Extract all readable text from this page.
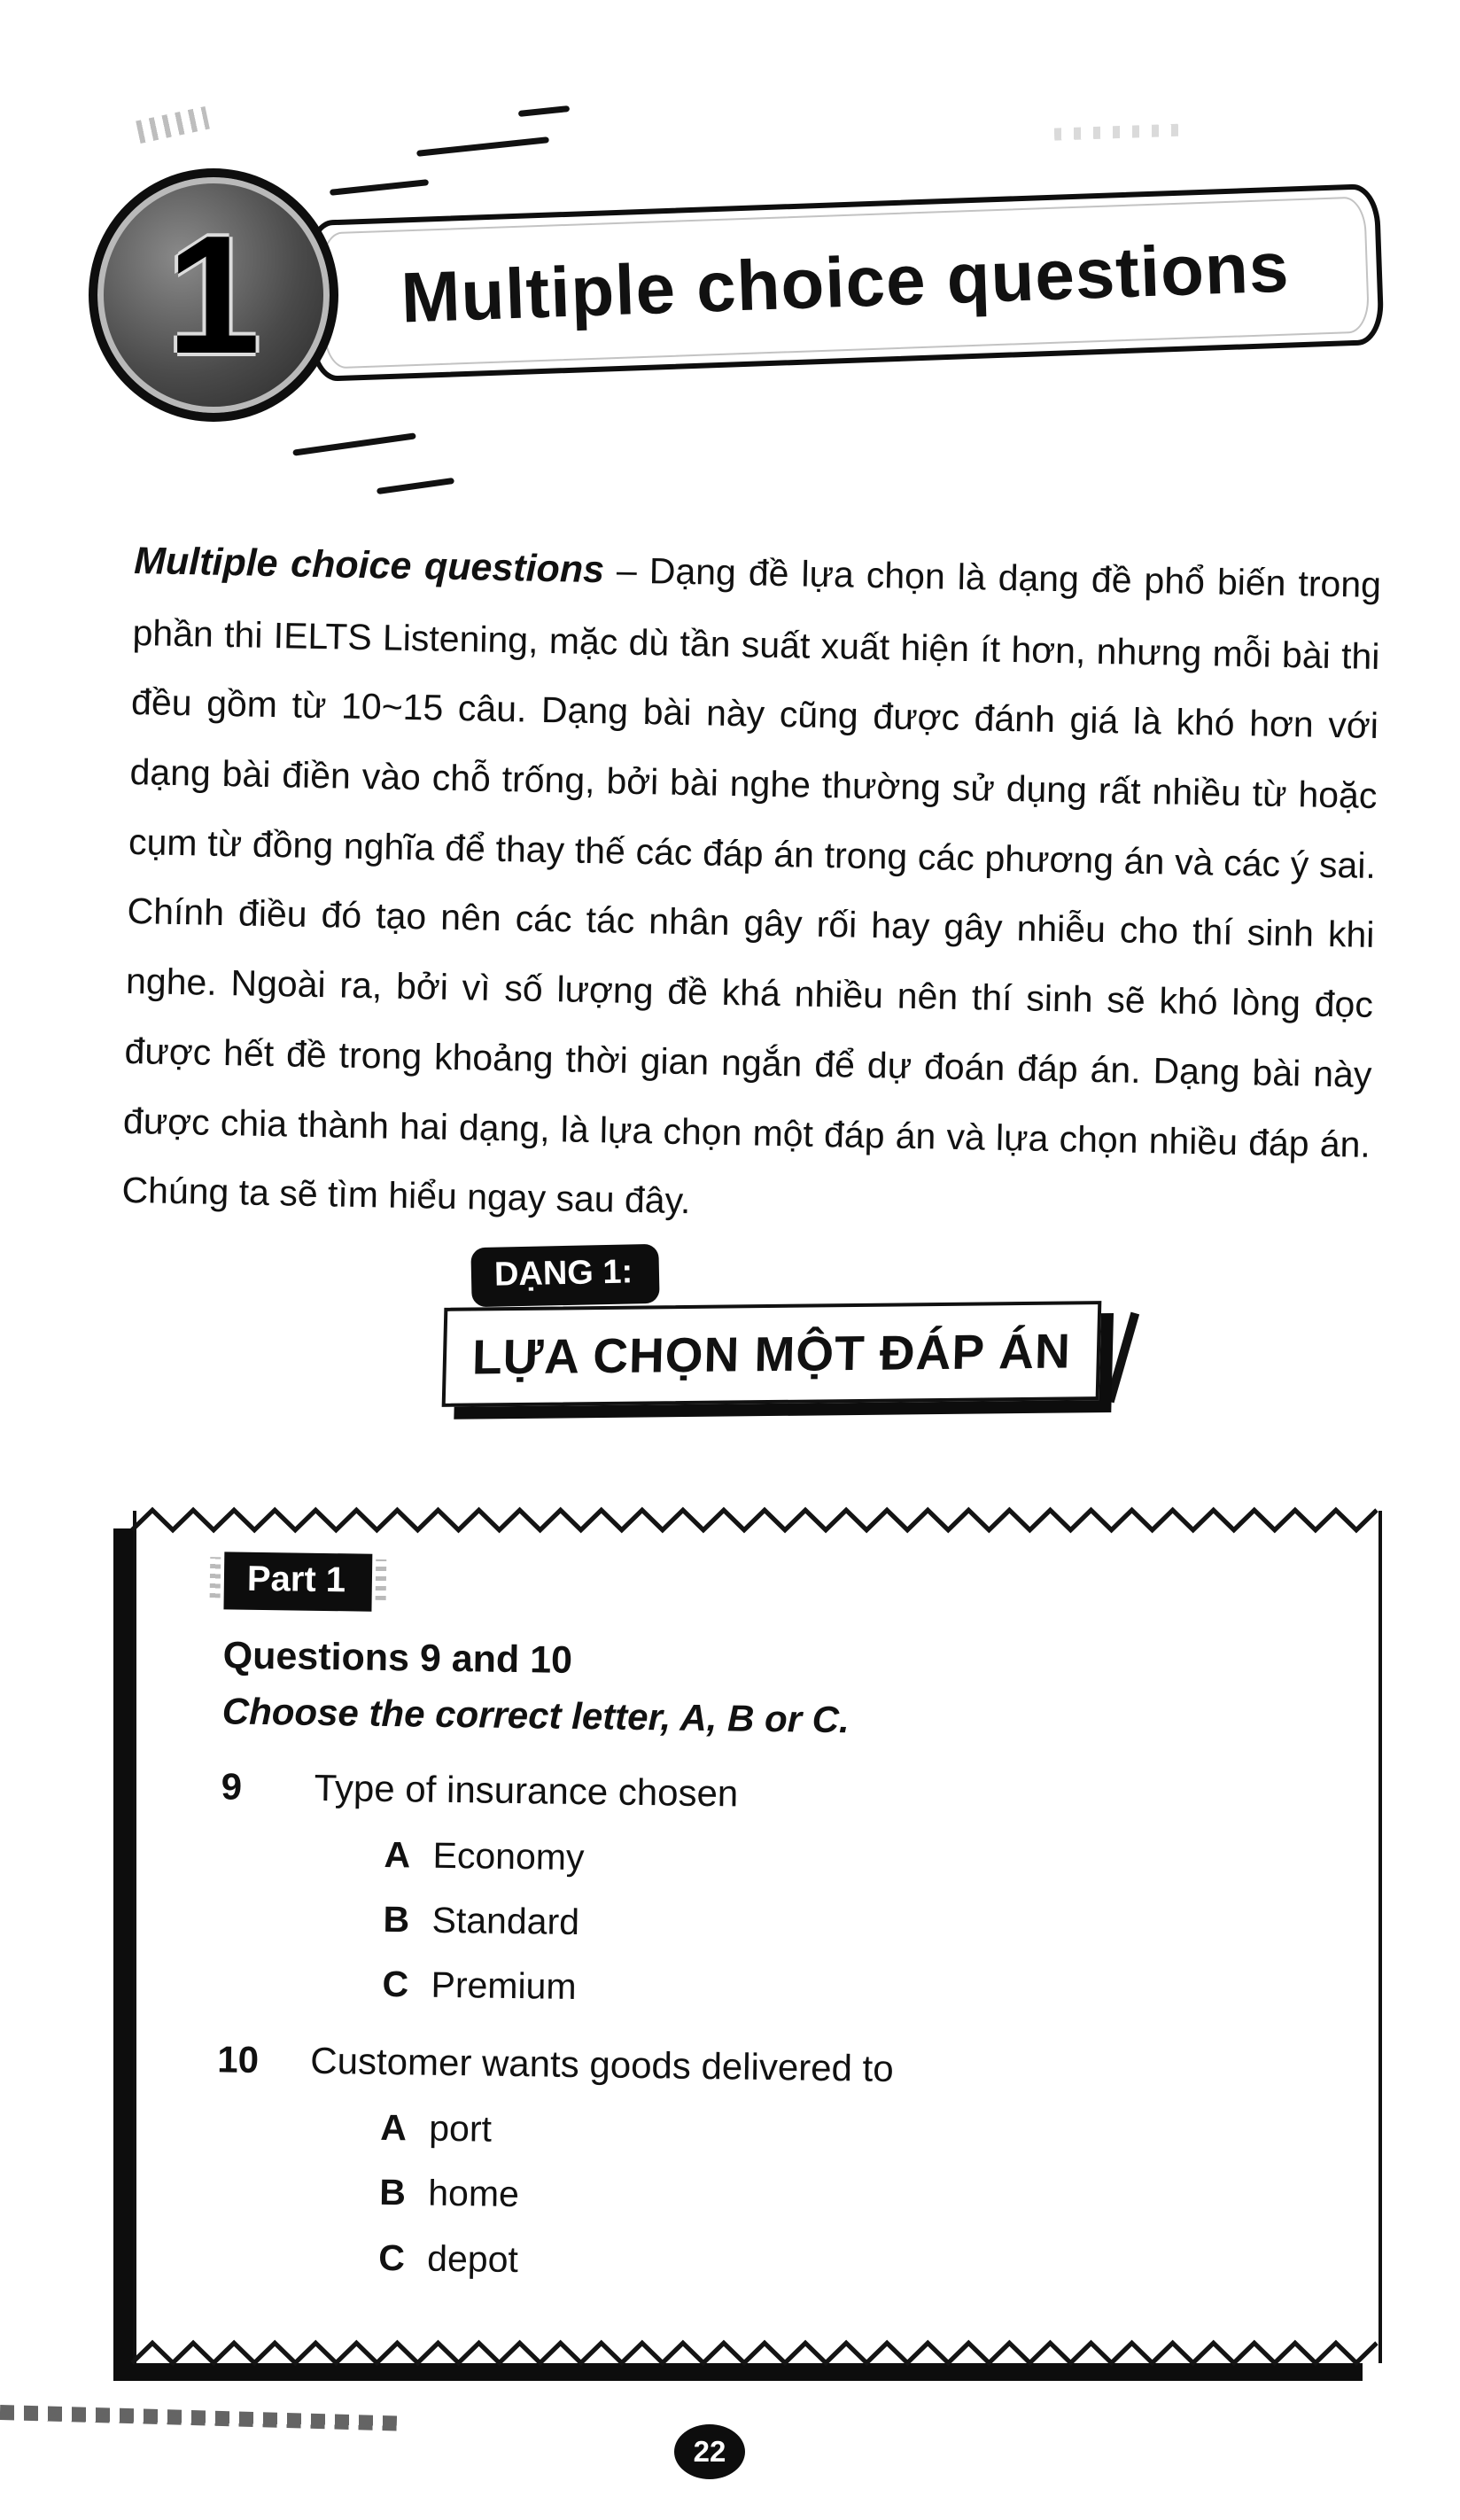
1 Multiple choice questions

Multiple choice questions – Dạng đề lựa chọn là dạng đề phổ biến trong phần thi IELTS Listening, mặc dù tần suất xuất hiện ít hơn, nhưng mỗi bài thi đều gồm từ 10~15 câu. Dạng bài này cũng được đánh giá là khó hơn với dạng bài điền vào chỗ trống, bởi bài nghe thường sử dụng rất nhiều từ hoặc cụm từ đồng nghĩa để thay thế các đáp án trong các phương án và các ý sai. Chính điều đó tạo nên các tác nhân gây rối hay gây nhiễu cho thí sinh khi nghe. Ngoài ra, bởi vì số lượng đề khá nhiều nên thí sinh sẽ khó lòng đọc được hết đề trong khoảng thời gian ngắn để dự đoán đáp án. Dạng bài này được chia thành hai dạng, là lựa chọn một đáp án và lựa chọn nhiều đáp án. Chúng ta sẽ tìm hiểu ngay sau đây.

DẠNG 1:
LỰA CHỌN MỘT ĐÁP ÁN
Part 1
Questions 9 and 10
Choose the correct letter, A, B or C.
9	Type of insurance chosen
A Economy
B Standard
C Premium
10	Customer wants goods delivered to
A port
B home
C depot
22
